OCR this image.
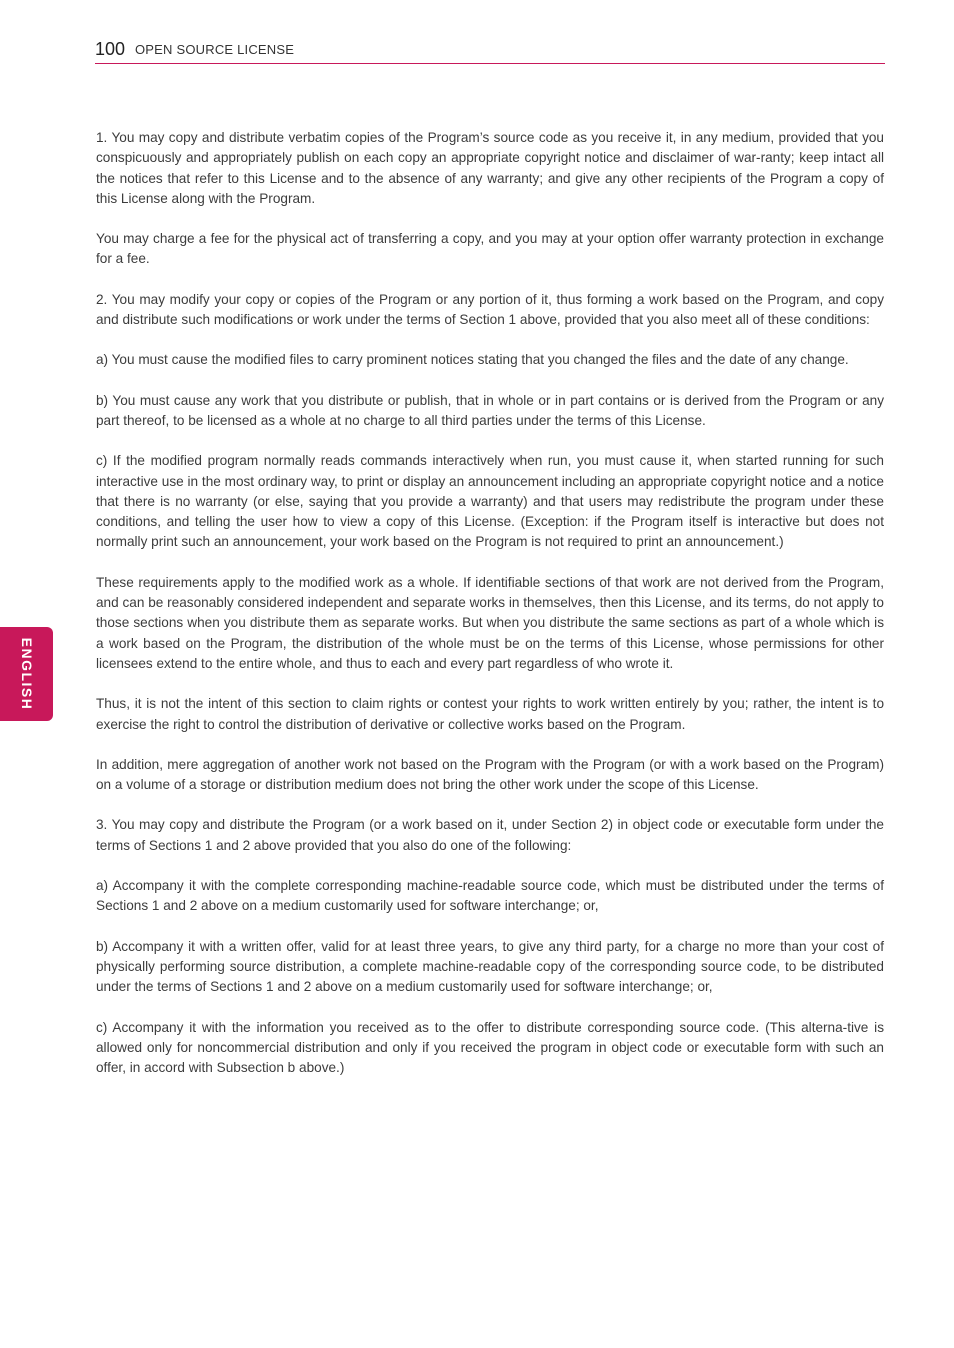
100 OPEN SOURCE LICENSE
ENGLISH

1. You may copy and distribute verbatim copies of the Program’s source code as you receive it, in any medium, provided that you conspicuously and appropriately publish on each copy an appropriate copyright notice and disclaimer of war-ranty; keep intact all the notices that refer to this License and to the absence of any warranty; and give any other recipients of the Program a copy of this License along with the Program.

You may charge a fee for the physical act of transferring a copy, and you may at your option offer warranty protection in exchange for a fee.

2. You may modify your copy or copies of the Program or any portion of it, thus forming a work based on the Program, and copy and distribute such modifications or work under the terms of Section 1 above, provided that you also meet all of these conditions:

a) You must cause the modified files to carry prominent notices stating that you changed the files and the date of any change.

b) You must cause any work that you distribute or publish, that in whole or in part contains or is derived from the Program or any part thereof, to be licensed as a whole at no charge to all third parties under the terms of this License.

c) If the modified program normally reads commands interactively when run, you must cause it, when started running for such interactive use in the most ordinary way, to print or display an announcement including an appropriate copyright notice and a notice that there is no warranty (or else, saying that you provide a warranty) and that users may redistribute the program under these conditions, and telling the user how to view a copy of this License. (Exception: if the Program itself is interactive but does not normally print such an announcement, your work based on the Program is not required to print an announcement.)

These requirements apply to the modified work as a whole. If identifiable sections of that work are not derived from the Program, and can be reasonably considered independent and separate works in themselves, then this License, and its terms, do not apply to those sections when you distribute them as separate works. But when you distribute the same sections as part of a whole which is a work based on the Program, the distribution of the whole must be on the terms of this License, whose permissions for other licensees extend to the entire whole, and thus to each and every part regardless of who wrote it.

Thus, it is not the intent of this section to claim rights or contest your rights to work written entirely by you; rather, the intent is to exercise the right to control the distribution of derivative or collective works based on the Program.

In addition, mere aggregation of another work not based on the Program with the Program (or with a work based on the Program) on a volume of a storage or distribution medium does not bring the other work under the scope of this License.

3. You may copy and distribute the Program (or a work based on it, under Section 2) in object code or executable form under the terms of Sections 1 and 2 above provided that you also do one of the following:

a) Accompany it with the complete corresponding machine-readable source code, which must be distributed under the terms of Sections 1 and 2 above on a medium customarily used for software interchange; or,

b) Accompany it with a written offer, valid for at least three years, to give any third party, for a charge no more than your cost of physically performing source distribution, a complete machine-readable copy of the corresponding source code, to be distributed under the terms of Sections 1 and 2 above on a medium customarily used for software interchange; or,

c) Accompany it with the information you received as to the offer to distribute corresponding source code. (This alterna-tive is allowed only for noncommercial distribution and only if you received the program in object code or executable form with such an offer, in accord with Subsection b above.)
